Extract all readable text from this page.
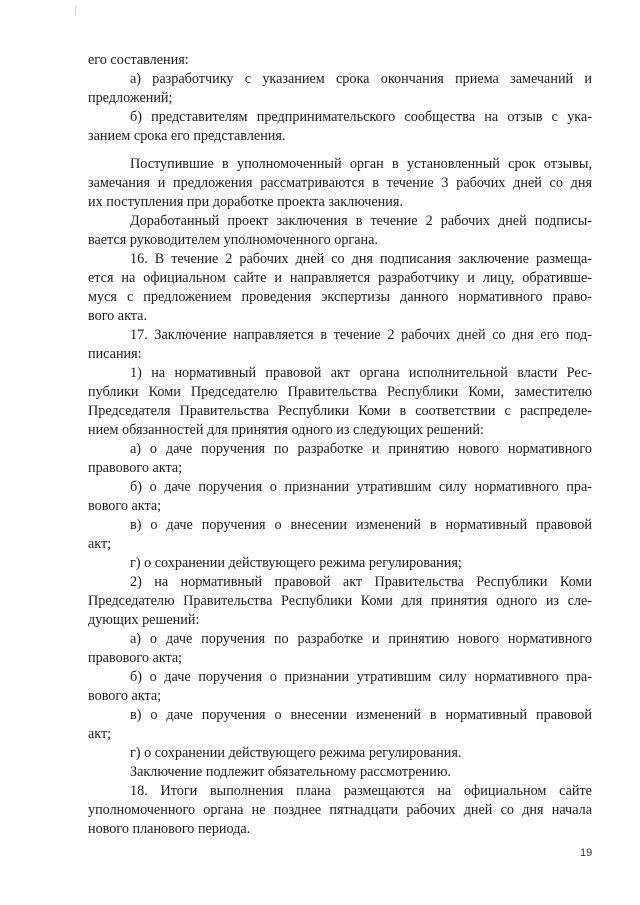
его составления:
а) разработчику с указанием срока окончания приема замечаний и
предложений;
б) представителям предпринимательского сообщества на отзыв с ука-
занием срока его представления.
Поступившие в уполномоченный орган в установленный срок отзывы,
замечания и предложения рассматриваются в течение 3 рабочих дней со дня
их поступления при доработке проекта заключения.
Доработанный проект заключения в течение 2 рабочих дней подписы-
вается руководителем уполномоченного органа.
16. В течение 2 рабочих дней со дня подписания заключение размеща-
ется на официальном сайте и направляется разработчику и лицу, обративше-
муся с предложением проведения экспертизы данного нормативного право-
вого акта.
17. Заключение направляется в течение 2 рабочих дней со дня его под-
писания:
1) на нормативный правовой акт органа исполнительной власти Рес-
публики Коми Председателю Правительства Республики Коми, заместителю
Председателя Правительства Республики Коми в соответствии с распределе-
нием обязанностей для принятия одного из следующих решений:
а) о даче поручения по разработке и принятию нового нормативного
правового акта;
б) о даче поручения о признании утратившим силу нормативного пра-
вового акта;
в) о даче поручения о внесении изменений в нормативный правовой
акт;
г) о сохранении действующего режима регулирования;
2) на нормативный правовой акт Правительства Республики Коми
Председателю Правительства Республики Коми для принятия одного из сле-
дующих решений:
а) о даче поручения по разработке и принятию нового нормативного
правового акта;
б) о даче поручения о признании утратившим силу нормативного пра-
вового акта;
в) о даче поручения о внесении изменений в нормативный правовой
акт;
г) о сохранении действующего режима регулирования.
Заключение подлежит обязательному рассмотрению.
18. Итоги выполнения плана размещаются на официальном сайте
уполномоченного органа не позднее пятнадцати рабочих дней со дня начала
нового планового периода.
19
